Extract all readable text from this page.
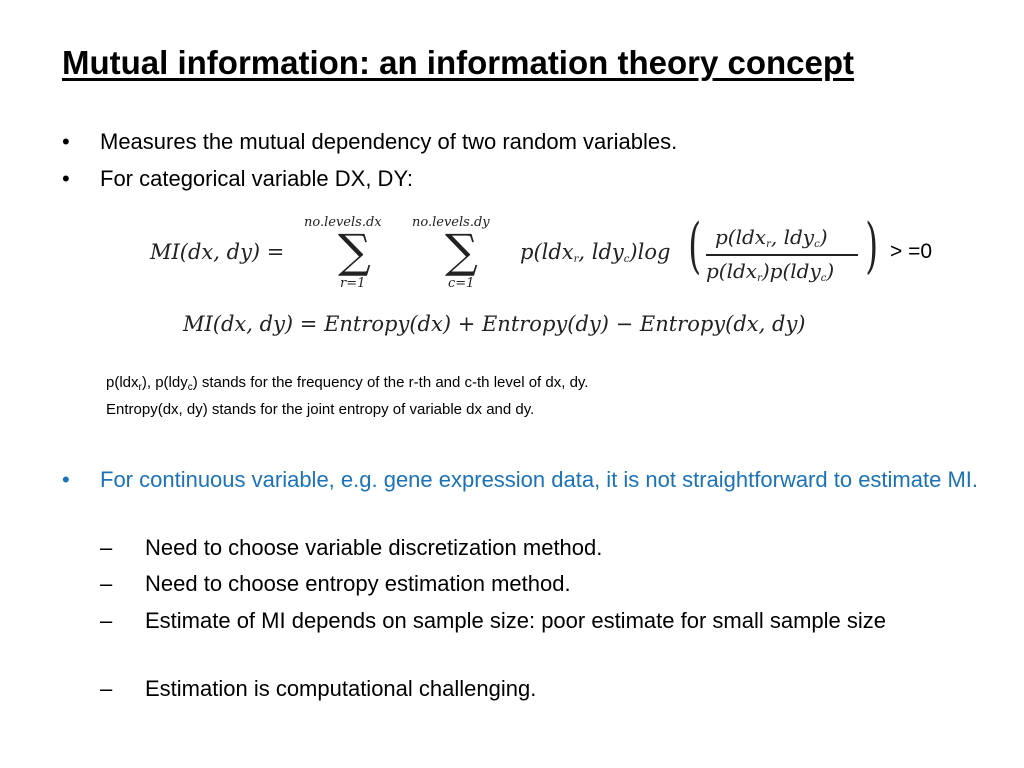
Mutual information: an information theory concept
• Measures the mutual dependency of two random variables.
• For categorical variable DX, DY:
MI(dx, dy) =
no.levels.dx
∑
r=1
no.levels.dy
∑
c=1
p(ldx$_r$, ldy$_c$)log ( p(ldx$_r$, ldy$_c$)
p(ldx$_r$)p(ldy$_c$) ) > =0
MI(dx, dy) = Entropy(dx) + Entropy(dy) − Entropy(dx, dy)
p(ldx$_r$), p(ldy$_c$) stands for the frequency of the r-th and c-th level of dx, dy.
Entropy(dx, dy) stands for the joint entropy of variable dx and dy.
• For continuous variable, e.g. gene expression data, it is not straightforward to estimate MI.
– Need to choose variable discretization method.
– Need to choose entropy estimation method.
– Estimate of MI depends on sample size: poor estimate for small sample size
– Estimation is computational challenging.
